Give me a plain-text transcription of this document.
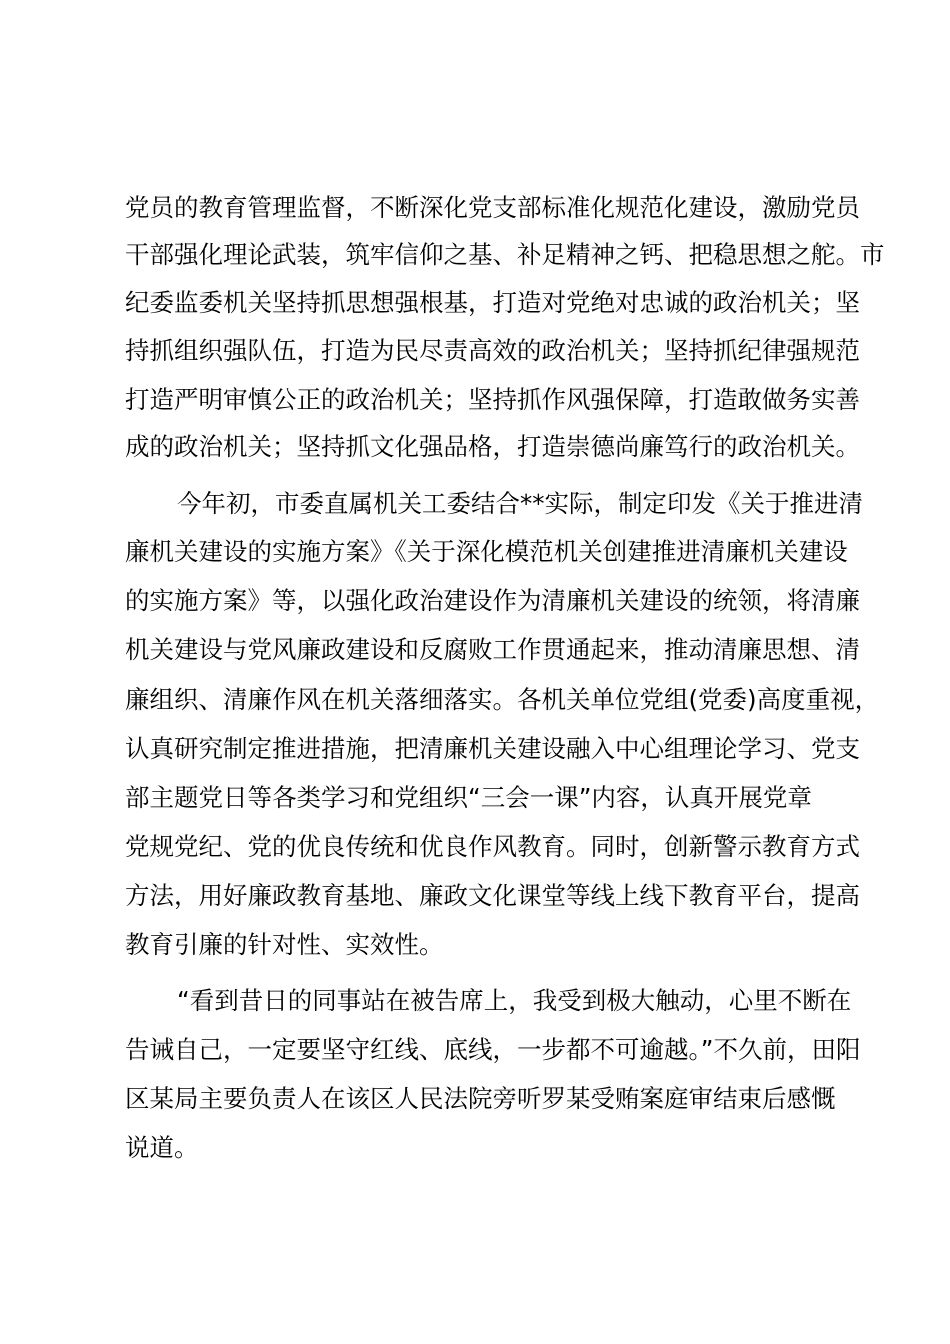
党员的教育管理监督，不断深化党支部标准化规范化建设，激励党员
干部强化理论武装，筑牢信仰之基、补足精神之钙、把稳思想之舵。市
纪委监委机关坚持抓思想强根基，打造对党绝对忠诚的政治机关；坚
持抓组织强队伍，打造为民尽责高效的政治机关；坚持抓纪律强规范
打造严明审慎公正的政治机关；坚持抓作风强保障，打造敢做务实善
成的政治机关；坚持抓文化强品格，打造崇德尚廉笃行的政治机关。
今年初，市委直属机关工委结合**实际，制定印发《关于推进清
廉机关建设的实施方案》《关于深化模范机关创建推进清廉机关建设
的实施方案》等，以强化政治建设作为清廉机关建设的统领，将清廉
机关建设与党风廉政建设和反腐败工作贯通起来，推动清廉思想、清
廉组织、清廉作风在机关落细落实。各机关单位党组(党委)高度重视，
认真研究制定推进措施，把清廉机关建设融入中心组理论学习、党支
部主题党日等各类学习和党组织“三会一课”内容，认真开展党章
党规党纪、党的优良传统和优良作风教育。同时，创新警示教育方式
方法，用好廉政教育基地、廉政文化课堂等线上线下教育平台，提高
教育引廉的针对性、实效性。
“看到昔日的同事站在被告席上，我受到极大触动，心里不断在
告诫自己，一定要坚守红线、底线，一步都不可逾越。”不久前，田阳
区某局主要负责人在该区人民法院旁听罗某受贿案庭审结束后感慨
说道。
